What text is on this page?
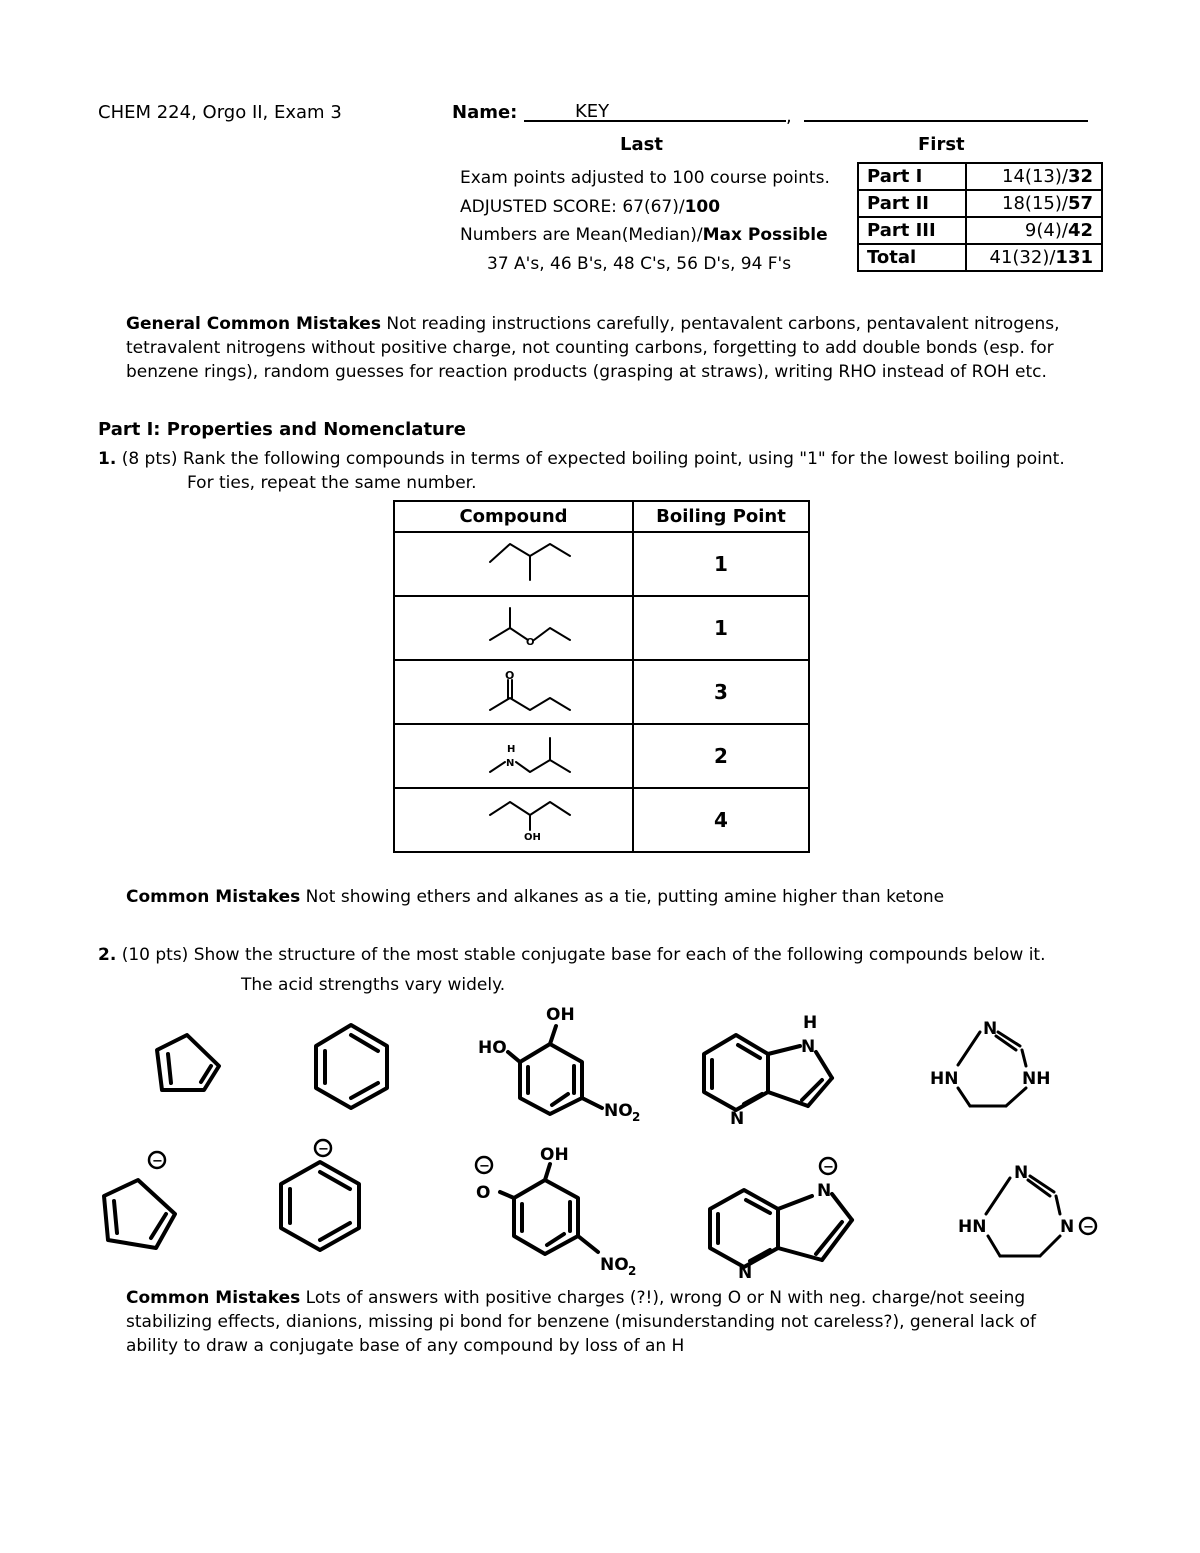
CHEM 224, Orgo II, Exam 3	Name:	KEY	,
Last	First
Exam points adjusted to 100 course points.
ADJUSTED SCORE: 67(67)/100
Numbers are Mean(Median)/Max Possible
37 A's, 46 B's, 48 C's, 56 D's, 94 F's
Part I	14(13)/32
Part II	18(15)/57
Part III	9(4)/42
Total	41(32)/131
General Common Mistakes Not reading instructions carefully, pentavalent carbons, pentavalent nitrogens, tetravalent nitrogens without positive charge, not counting carbons, forgetting to add double bonds (esp. for benzene rings), random guesses for reaction products (grasping at straws), writing RHO instead of ROH etc.
Part I: Properties and Nomenclature
1. (8 pts) Rank the following compounds in terms of expected boiling point, using "1" for the lowest boiling point.
For ties, repeat the same number.
Compound	Boiling Point
	1
	1
	3
	2
	4
O
O
H
N
OH
Common Mistakes Not showing ethers and alkanes as a tie, putting amine higher than ketone
2. (10 pts) Show the structure of the most stable conjugate base for each of the following compounds below it.
The acid strengths vary widely.
OH
HO
NO 2
H
N
N
N
HN	NH
−
−	OH
O
−
NO 2
N
−
N
N
HN	N −
Common Mistakes Lots of answers with positive charges (?!), wrong O or N with neg. charge/not seeing stabilizing effects, dianions, missing pi bond for benzene (misunderstanding not careless?), general lack of ability to draw a conjugate base of any compound by loss of an H
